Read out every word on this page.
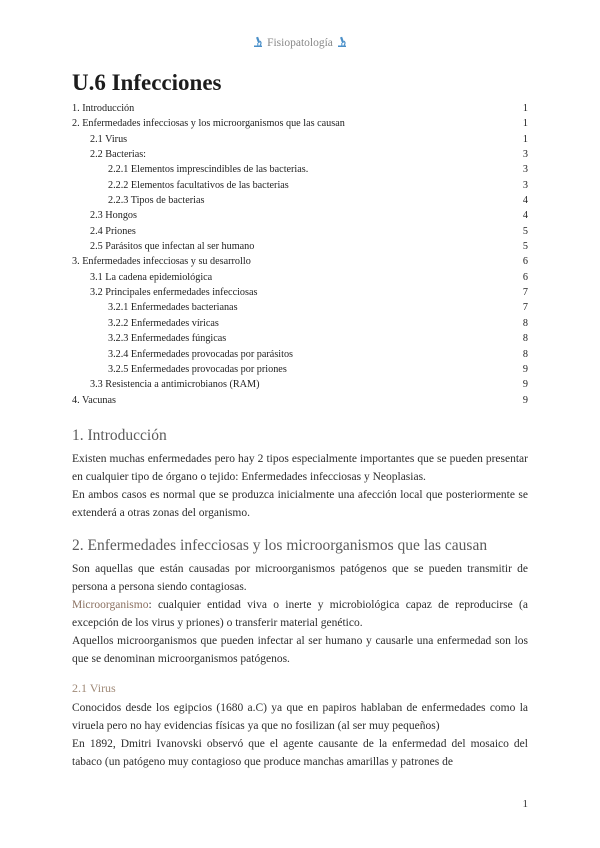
Fisiopatología
U.6 Infecciones
1. Introducción	1
2. Enfermedades infecciosas y los microorganismos que las causan	1
2.1 Virus	1
2.2 Bacterias:	3
2.2.1 Elementos imprescindibles de las bacterias.	3
2.2.2 Elementos facultativos de las bacterias	3
2.2.3 Tipos de bacterias	4
2.3 Hongos	4
2.4 Priones	5
2.5 Parásitos que infectan al ser humano	5
3. Enfermedades infecciosas y su desarrollo	6
3.1 La cadena epidemiológica	6
3.2 Principales enfermedades infecciosas	7
3.2.1 Enfermedades bacterianas	7
3.2.2 Enfermedades víricas	8
3.2.3 Enfermedades fúngicas	8
3.2.4 Enfermedades provocadas por parásitos	8
3.2.5 Enfermedades provocadas por priones	9
3.3 Resistencia a antimicrobianos (RAM)	9
4. Vacunas	9
1. Introducción

Existen muchas enfermedades pero hay 2 tipos especialmente importantes que se pueden presentar en cualquier tipo de órgano o tejido: Enfermedades infecciosas y Neoplasias.

En ambos casos es normal que se produzca inicialmente una afección local que posteriormente se extenderá a otras zonas del organismo.

2. Enfermedades infecciosas y los microorganismos que las causan

Son aquellas que están causadas por microorganismos patógenos que se pueden transmitir de persona a persona siendo contagiosas.

Microorganismo: cualquier entidad viva o inerte y microbiológica capaz de reproducirse (a excepción de los virus y priones) o transferir material genético.

Aquellos microorganismos que pueden infectar al ser humano y causarle una enfermedad son los que se denominan microorganismos patógenos.

2.1 Virus

Conocidos desde los egipcios (1680 a.C) ya que en papiros hablaban de enfermedades como la viruela pero no hay evidencias físicas ya que no fosilizan (al ser muy pequeños)

En 1892, Dmitri Ivanovski observó que el agente causante de la enfermedad del mosaico del tabaco (un patógeno muy contagioso que produce manchas amarillas y patrones de

1
